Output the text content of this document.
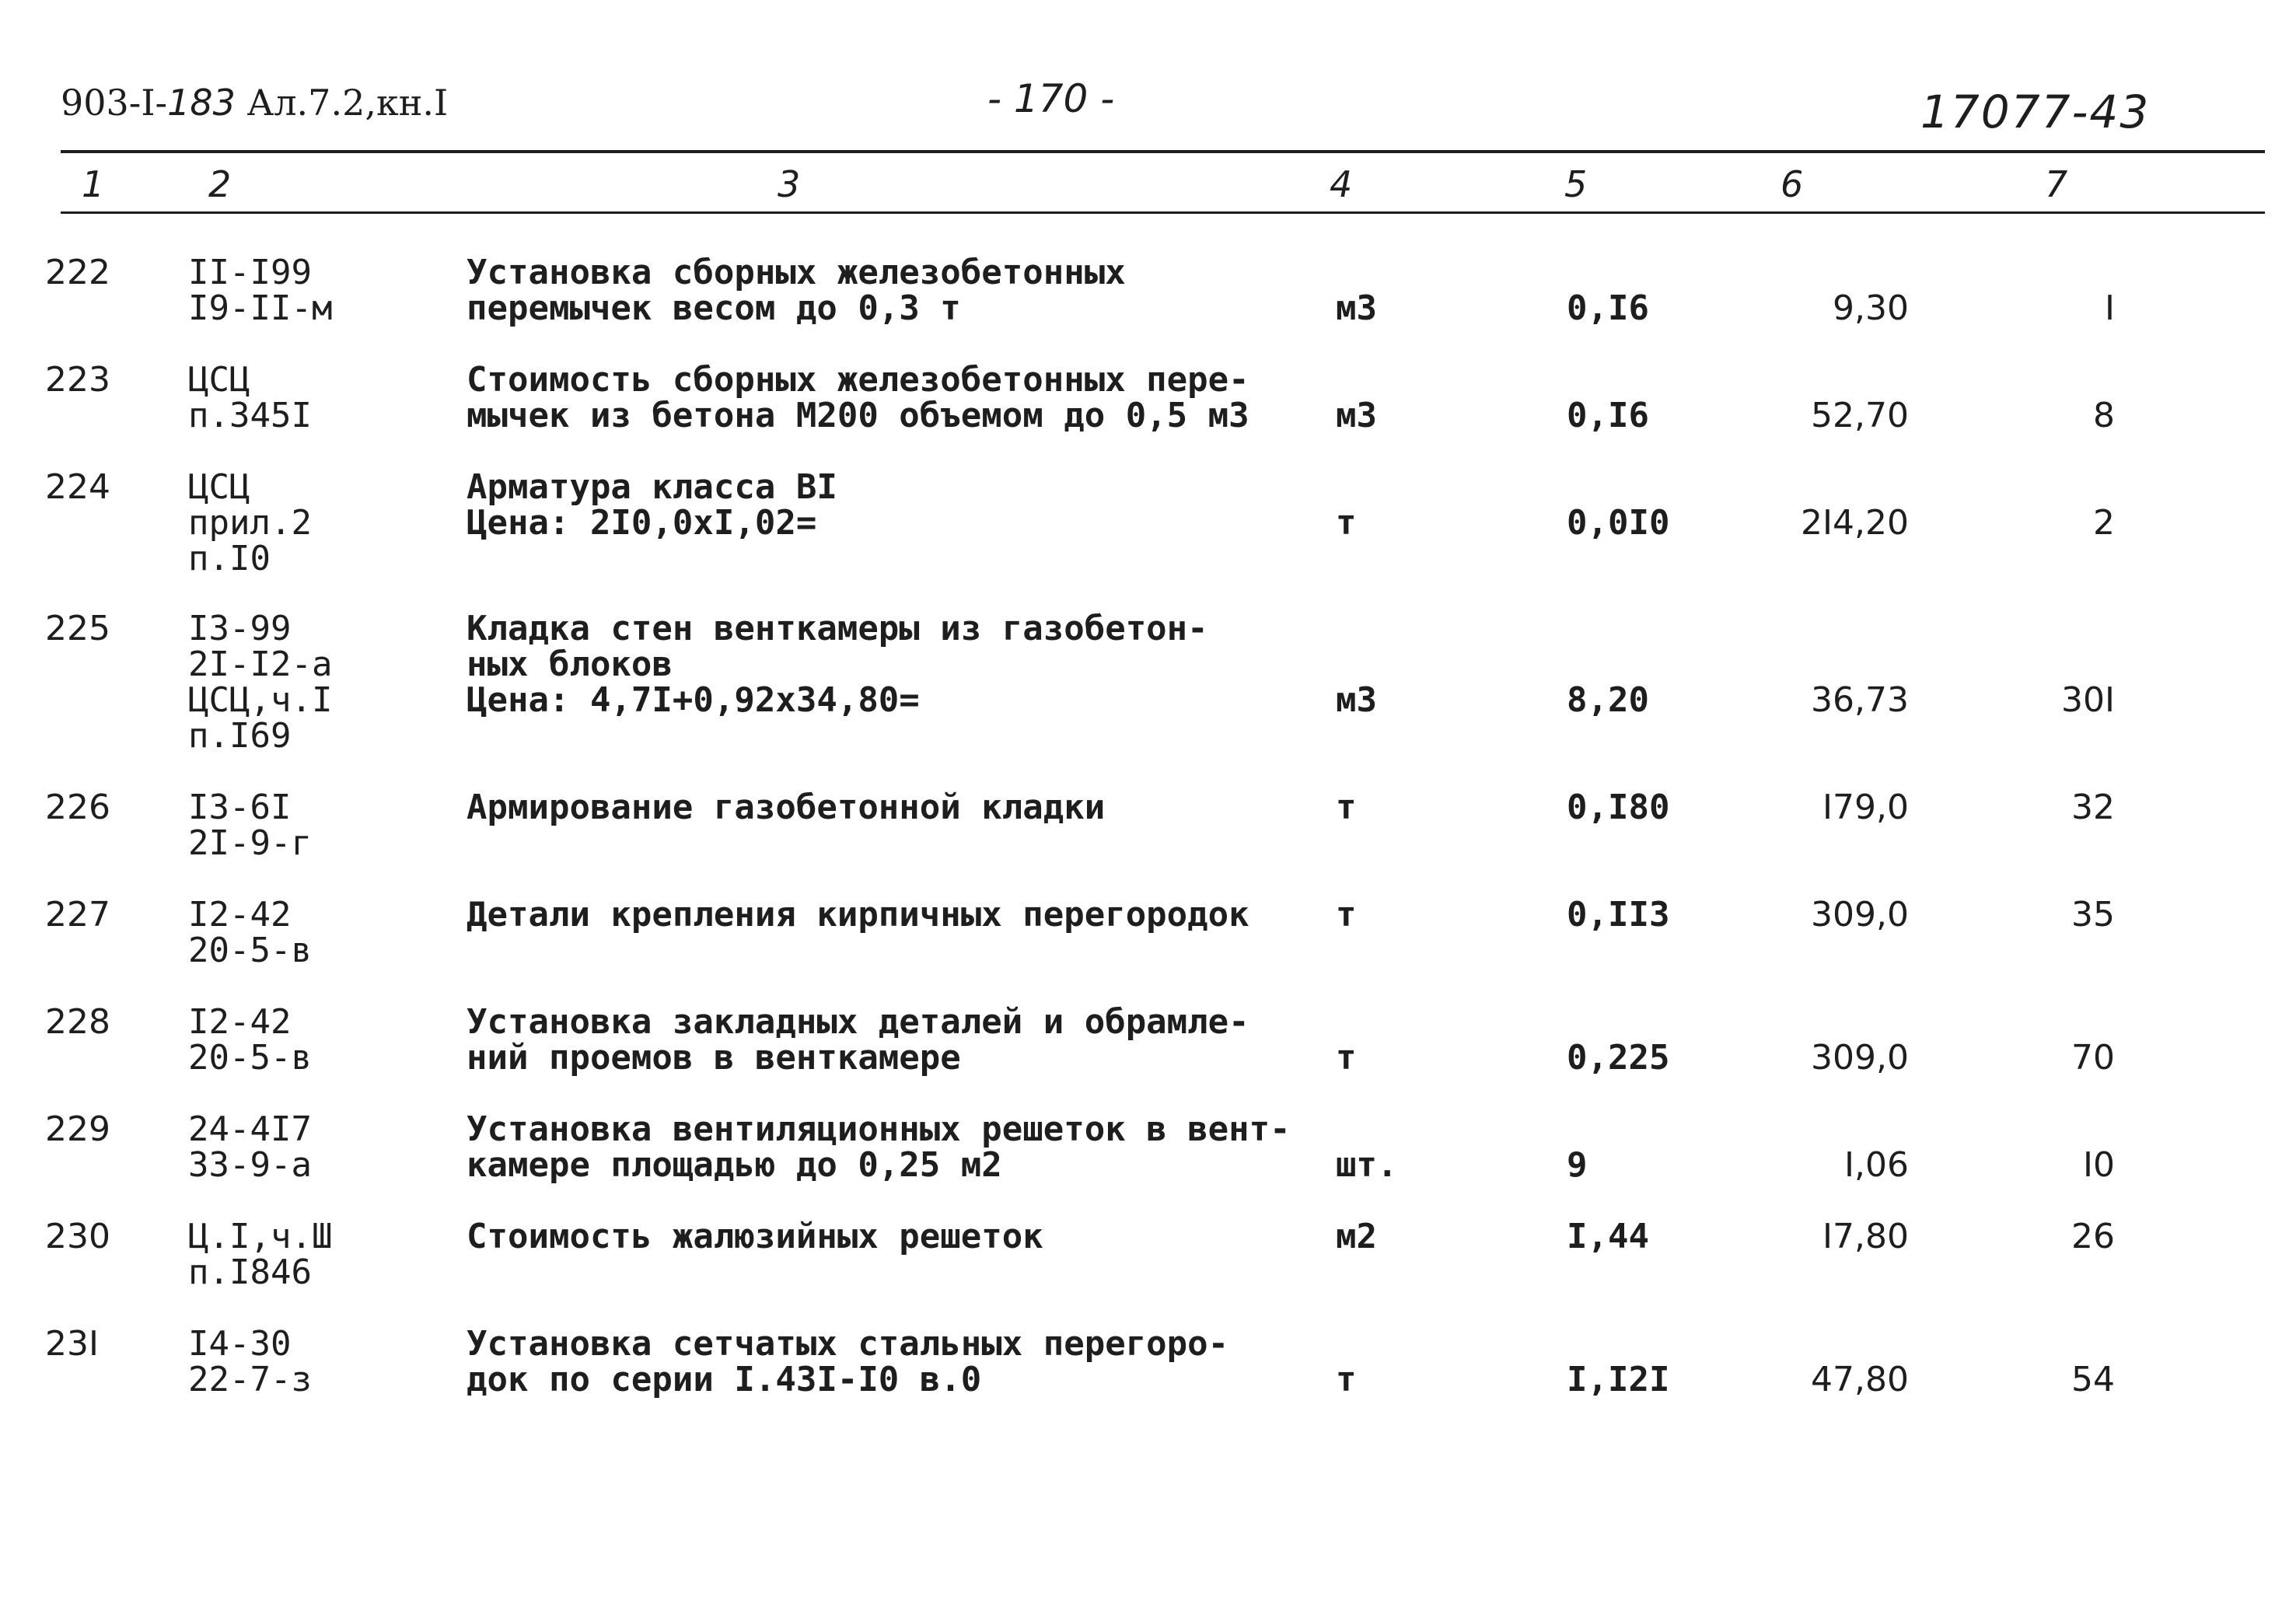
903-I-183 Ал.7.2,кн.I	- 170 -	17077-43
1	2	3	4	5	6	7
222 II-I99
I9-II-м
Установка сборных железобетонных
перемычек весом до 0,3 т	м3	0,I6	9,30	I
223 ЦСЦ
п.345I
Стоимость сборных железобетонных пере-
мычек из бетона М200 объемом до 0,5 м3	м3	0,I6	52,70	8
224 ЦСЦ
прил.2
п.I0
Арматура класса BI
Цена: 2I0,0xI,02=	т	0,0I0	2I4,20	2
225 I3-99
2I-I2-а
ЦСЦ,ч.I
п.I69
Кладка стен венткамеры из газобетон-
ных блоков
Цена: 4,7I+0,92x34,80=	м3	8,20	36,73	30I
226 I3-6I
2I-9-г
Армирование газобетонной кладки	т	0,I80	I79,0	32
227 I2-42
20-5-в
Детали крепления кирпичных перегородок	т	0,II3	309,0	35
228 I2-42
20-5-в
Установка закладных деталей и обрамле-
ний проемов в венткамере	т	0,225	309,0	70
229 24-4I7
33-9-а
Установка вентиляционных решеток в вент-
камере площадью до 0,25 м2	шт.	9	I,06	I0
230 Ц.I,ч.Ш
п.I846
Стоимость жалюзийных решеток	м2	I,44	I7,80	26
23I	I4-30
22-7-з
Установка сетчатых стальных перегоро-
док по серии I.43I-I0 в.0	т	I,I2I	47,80	54
